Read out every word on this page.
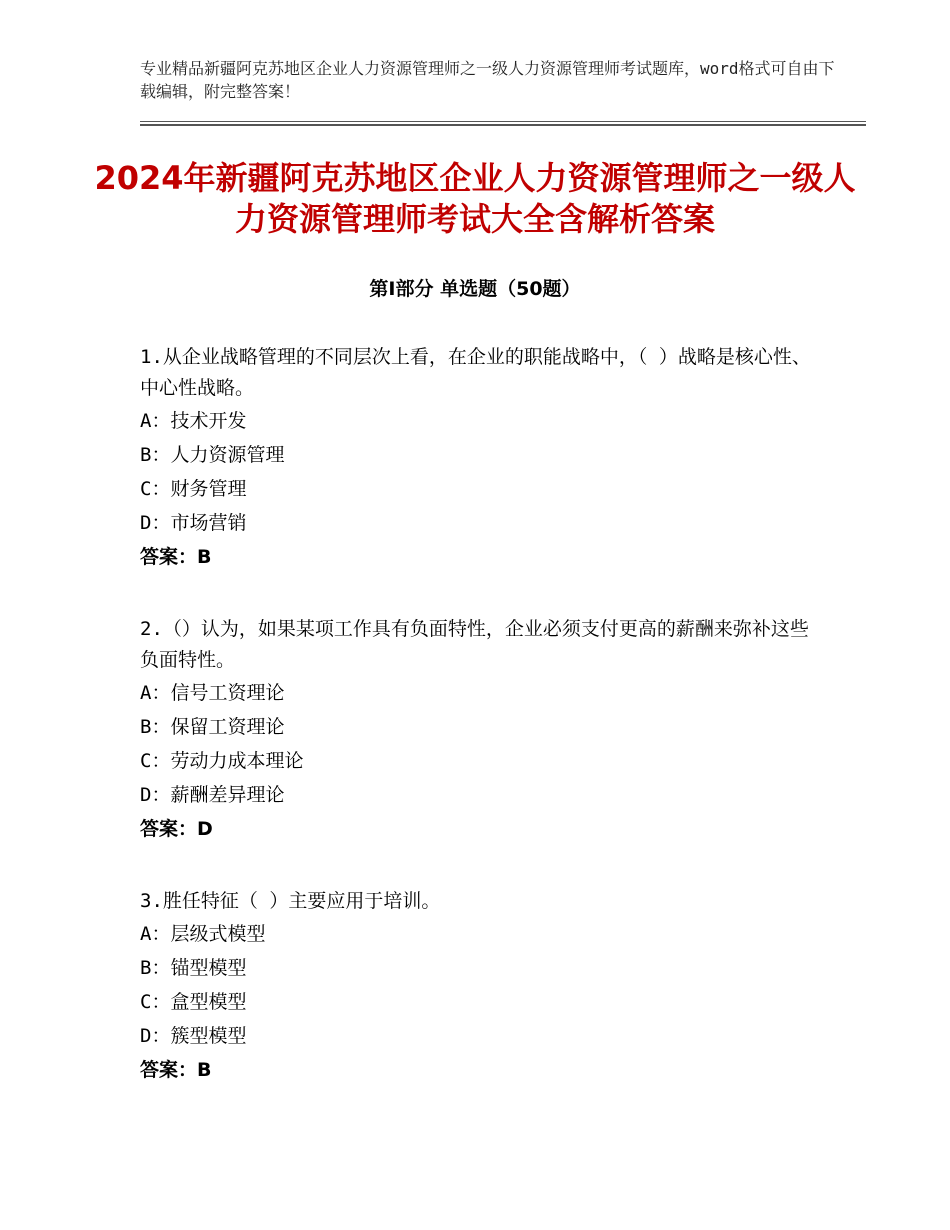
专业精品新疆阿克苏地区企业人力资源管理师之一级人力资源管理师考试题库，word格式可自由下载编辑，附完整答案！
2024年新疆阿克苏地区企业人力资源管理师之一级人力资源管理师考试大全含解析答案
第Ⅰ部分 单选题（50题）

1.从企业战略管理的不同层次上看，在企业的职能战略中，（ ）战略是核心性、中心性战略。

A：技术开发

B：人力资源管理

C：财务管理

D：市场营销

答案：B

2.（）认为，如果某项工作具有负面特性，企业必须支付更高的薪酬来弥补这些负面特性。

A：信号工资理论

B：保留工资理论

C：劳动力成本理论

D：薪酬差异理论

答案：D

3.胜任特征（ ）主要应用于培训。

A：层级式模型

B：锚型模型

C：盒型模型

D：簇型模型

答案：B
